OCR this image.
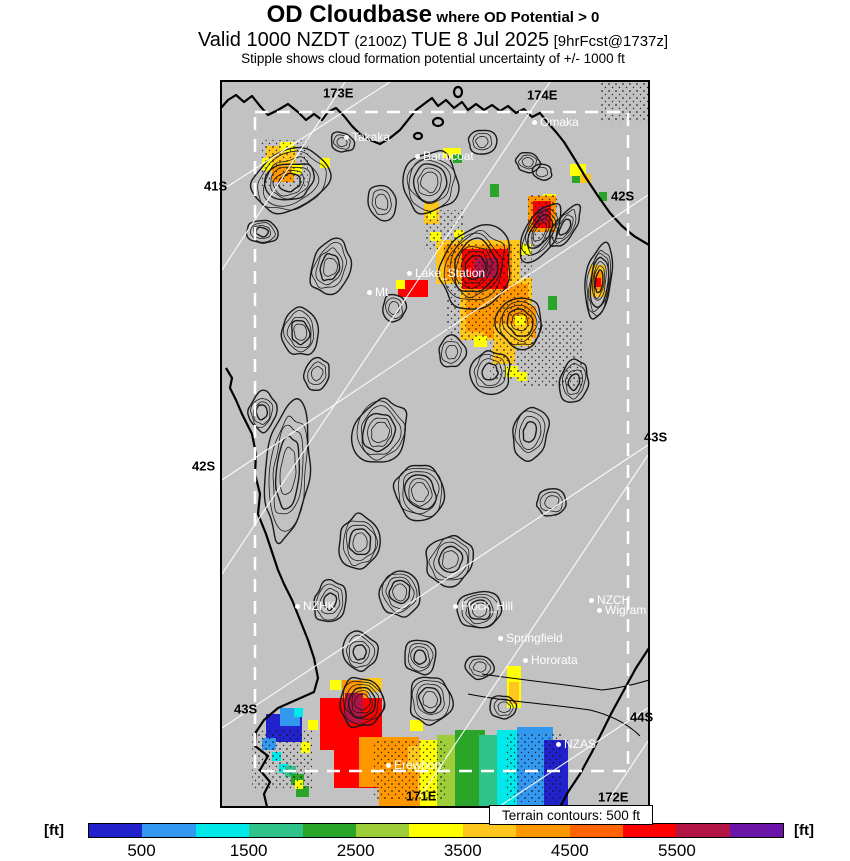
OD Cloudbase where OD Potential > 0
Valid 1000 NZDT (2100Z) TUE 8 Jul 2025 [9hrFcst@1737z]
Stipple shows cloud formation potential uncertainty of +/- 1000 ft
173E	174E
41S
42S
42S
43S
43S
44S
171E	172E
Takaka
Omaka
Barnicoat
Lake_Station
Mt
NZHK	Flock_Hill	NZCH
Wigram
Springfield
Hororata
NZAS
Erewhon
[ft]
500	1500	2500	3500	4500	5500
[ft]
Terrain contours: 500 ft
